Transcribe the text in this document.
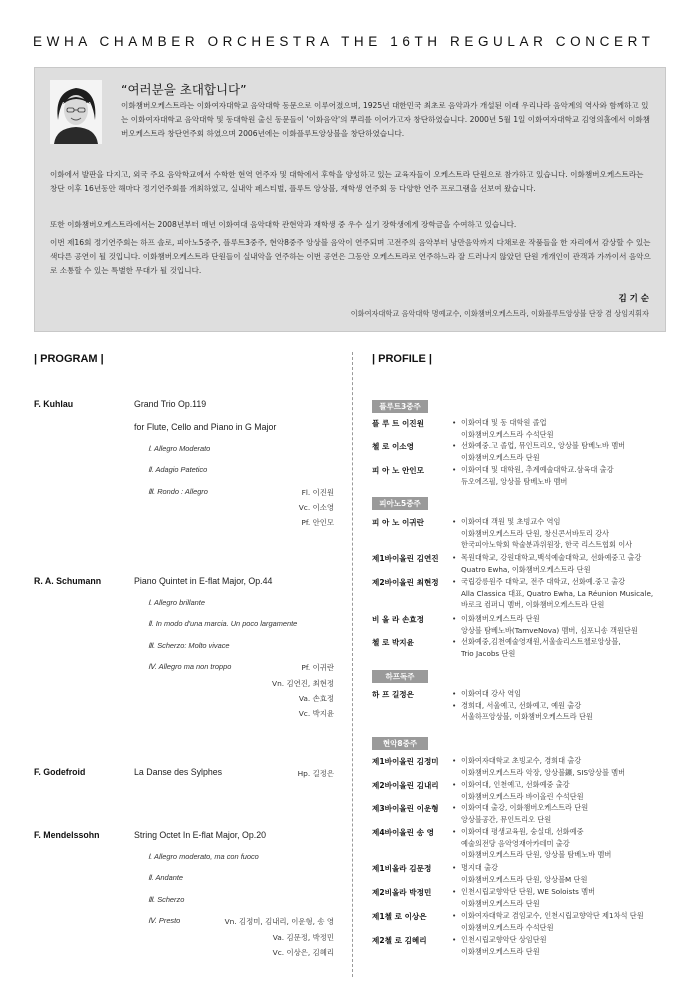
EWHA CHAMBER ORCHESTRA THE 16TH REGULAR CONCERT
“여러분을 초대합니다”

이화챔버오케스트라는 이화여자대학교 음악대학 동문으로 이루어졌으며, 1925년 대한민국 최초로 음악과가 개설된 이래 우리나라 음악계의 역사와 함께하고 있는 이화여자대학교 음악대학 및 동대학원 출신 동문들이 '이화음악'의 뿌리를 이어가고자 창단하였습니다. 2000년 5월 1일 이화여자대학교 김영의홀에서 이화챔버오케스트라 창단연주회 하였으며 2006년에는 이화플루트앙상블을 창단하였습니다.

이화에서 발판을 다지고, 외국 주요 음악학교에서 수학한 현역 연주자 및 대학에서 후학을 양성하고 있는 교육자들이 오케스트라 단원으로 참가하고 있습니다. 이화챔버오케스트라는 창단 이후 16년동안 해마다 정기연주회를 개최하였고, 실내악 페스티벌, 플루트 앙상블, 재학생 연주회 등 다양한 연주 프로그램을 선보여 왔습니다.

또한 이화챔버오케스트라에서는 2008년부터 매년 이화여대 음악대학 관현악과 재학생 중 우수 실기 장학생에게 장학금을 수여하고 있습니다.

이번 제16회 정기연주회는 하프 솔로, 피아노5중주, 플루트3중주, 현악8중주 앙상블 음악이 연주되며 고전주의 음악부터 낭만음악까지 다채로운 작품들을 한 자리에서 감상할 수 있는 색다른 공연이 될 것입니다. 이화챔버오케스트라 단원들이 실내악을 연주하는 이번 공연은 그동안 오케스트라로 연주하느라 잘 드러나지 않았던 단원 개개인이 관객과 가까이서 음악으로 소통할 수 있는 특별한 무대가 될 것입니다.

김 기 순
이화여자대학교 음악대학 명예교수, 이화챔버오케스트라, 이화플루트앙상블 단장 겸 상임지휘자
| PROGRAM |	| PROFILE |
F. Kuhlau	Grand Trio Op.119
for Flute, Cello and Piano in G Major
Ⅰ. Allegro Moderato
Ⅱ. Adagio Patetico
Ⅲ. Rondo : Allegro	Fl. 이진원
Vc. 이소영
Pf. 안인모
R. A. Schumann	Piano Quintet in E-flat Major, Op.44
Ⅰ. Allegro brillante
Ⅱ. In modo d'una marcia. Un poco largamente
Ⅲ. Scherzo: Molto vivace
Ⅳ. Allegro ma non troppo	Pf. 이귀란
Vn. 김연진, 최현정
Va. 손효정
Vc. 박지윤
F. Godefroid	La Danse des Sylphes	Hp. 길정은
F. Mendelssohn	String Octet In E-flat Major, Op.20
Ⅰ. Allegro moderato, ma con fuoco
Ⅱ. Andante
Ⅲ. Scherzo
Ⅳ. Presto	Vn. 김정미, 김내리, 이운형, 송 영
Va. 김문정, 박정민
Vc. 이상은, 김혜리
플루트3중주
플 루 트 이진원	• 이화여대 및 동 대학원 졸업
이화챔버오케스트라 수석단원
첼 로 이소영	• 선화예중.고 졸업, 뮤인트리오, 앙상블 탐베노바 멤버
이화챔버오케스트라 단원
피 아 노 안인모	• 이화여대 및 대학원, 추계예술대학교.삼육대 출강
듀오에즈필, 앙상블 탐베노바 멤버
피아노5중주
피 아 노 이귀란	• 이화여대 객원 및 초빙교수 역임
이화챔버오케스트라 단원, 창신콘서바토리 강사
한국피아노학회 학술분과위원장, 한국 리스트협회 이사
제1바이올린 김연진 • 목원대학교, 강원대학교,백석예술대학교, 선화예중고 출강
Quatro Ewha, 이화챔버오케스트라 단원
제2바이올린 최현정 • 국립강릉원주 대학교, 전주 대학교, 선화예.중고 출강
Alla Classica 대표, Quatro Ewha, La Réunion Musicale,
바로크 컴퍼니 멤버, 이화챔버오케스트라 단원
비 올 라 손효정	• 이화챔버오케스트라 단원
앙상블 탐베노바(TamveNova) 멤버, 심포니송 객원단원
첼 로 박지윤	• 선화예중,김천예술영재원,서울솔리스트첼로앙상블,
Trio Jacobs 단원
하프독주
하 프 길정은	• 이화여대 강사 역임
• 경희대, 서울예고, 선화예고, 예원 출강
서울하프앙상블, 이화챔버오케스트라 단원
현악8중주
제1바이올린 김정미 • 이화여자대학교 초빙교수, 경희대 출강
이화챔버오케스트라 악장, 앙상블鑛, SIS앙상블 멤버
제2바이올린 김내리 • 이화여대, 인천예고, 선화예중 출강
이화챔버오케스트라 바이올린 수석단원
제3바이올린 이운형 • 이화여대 출강, 이화챔버오케스트라 단원
앙상블공간, 뮤인트리오 단원
제4바이올린 송 영	• 이화여대 평생교육원, 숭실대, 선화예중
예술의전당 음악영재아카데미 출강
이화챔버오케스트라 단원, 앙상블 탐베노바 멤버
제1비올라 김문정	• 명지대 출강
이화챔버오케스트라 단원, 앙상블M 단원
제2비올라 박정민	• 인천시립교향악단 단원, WE Soloists 멤버
이화챔버오케스트라 단원
제1첼 로 이상은	• 이화여자대학교 겸임교수, 인천시립교향악단 제1차석 단원
이화챔버오케스트라 수석단원
제2첼 로 김혜리	• 인천시립교향악단 상임단원
이화챔버오케스트라 단원
